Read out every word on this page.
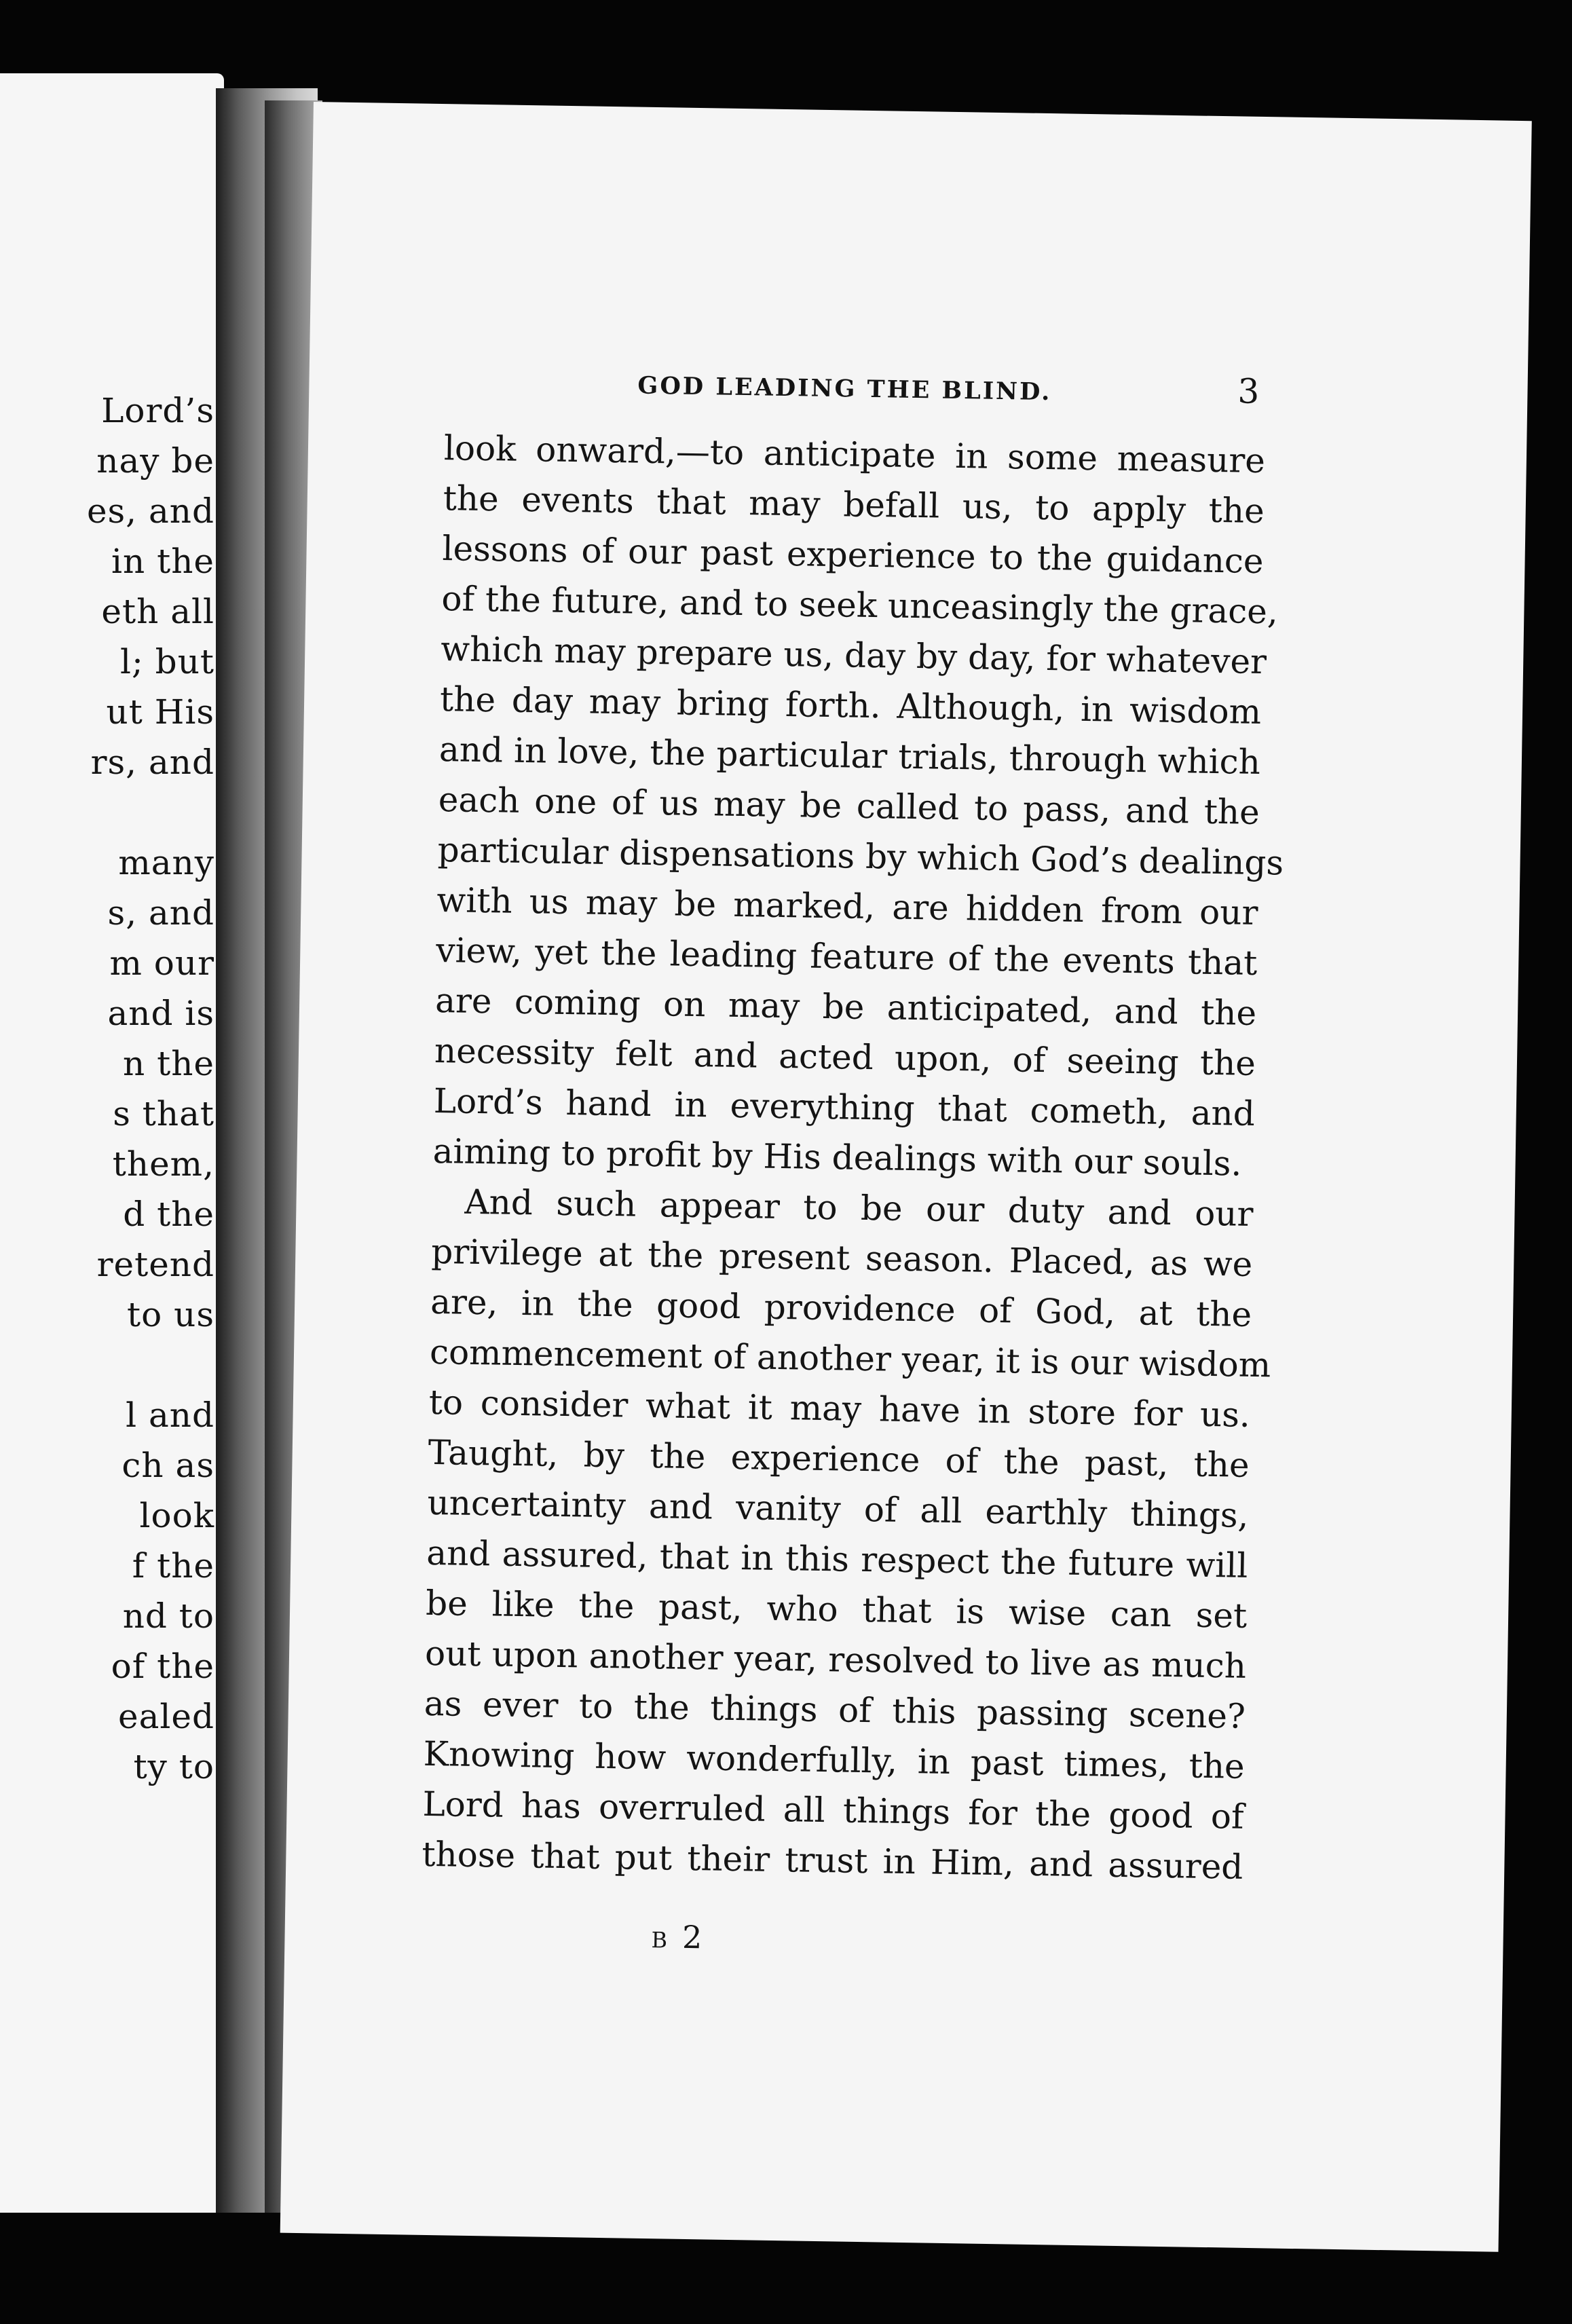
Lord’s
nay be
es, and
in the
eth all
l; but
ut His
rs, and
many
s, and
m our
and is
n the
s that
them,
d the
retend
to us
l and
ch as
look
f the
nd to
of the
ealed
ty to
GOD LEADING THE BLIND.	3
look onward,—to anticipate in some measure
the events that may befall us, to apply the
lessons of our past experience to the guidance
of the future, and to seek unceasingly the grace,
which may prepare us, day by day, for whatever
the day may bring forth. Although, in wisdom
and in love, the particular trials, through which
each one of us may be called to pass, and the
particular dispensations by which God’s dealings
with us may be marked, are hidden from our
view, yet the leading feature of the events that
are coming on may be anticipated, and the
necessity felt and acted upon, of seeing the
Lord’s hand in everything that cometh, and
aiming to profit by His dealings with our souls.
And such appear to be our duty and our
privilege at the present season. Placed, as we
are, in the good providence of God, at the
commencement of another year, it is our wisdom
to consider what it may have in store for us.
Taught, by the experience of the past, the
uncertainty and vanity of all earthly things,
and assured, that in this respect the future will
be like the past, who that is wise can set
out upon another year, resolved to live as much
as ever to the things of this passing scene?
Knowing how wonderfully, in past times, the
Lord has overruled all things for the good of
those that put their trust in Him, and assured
B 2
